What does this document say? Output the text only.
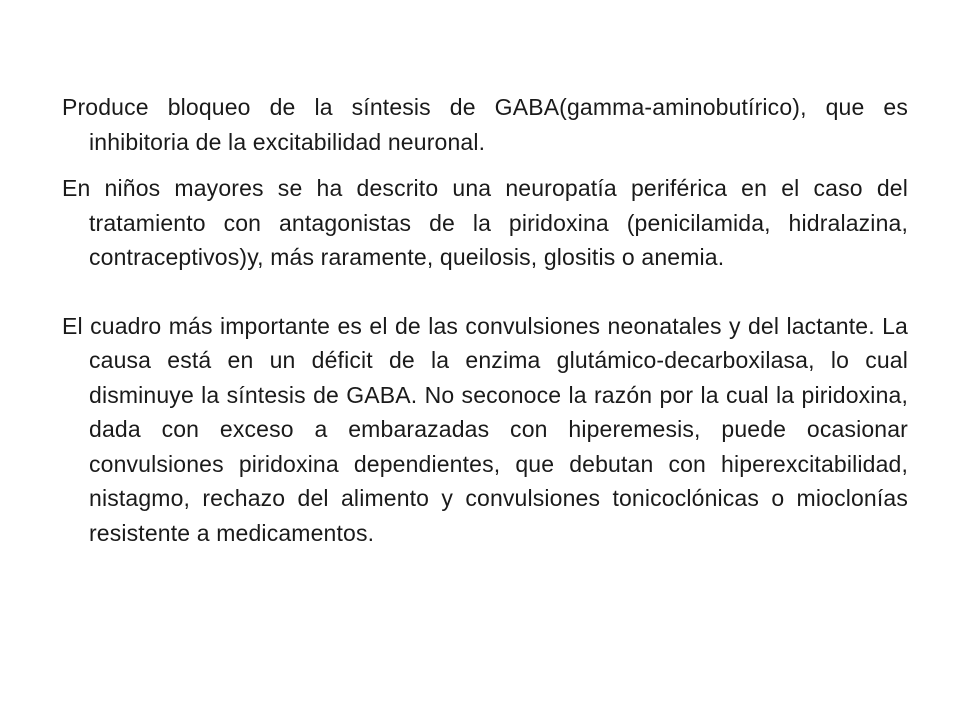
Produce bloqueo de la síntesis de GABA(gamma-aminobutírico), que es inhibitoria de la excitabilidad neuronal.

En niños mayores se ha descrito una neuropatía periférica en el caso del tratamiento con antagonistas de la piridoxina (penicilamida, hidralazina, contraceptivos)y, más raramente, queilosis, glositis o anemia.

El cuadro más importante es el de las convulsiones neonatales y del lactante. La causa está en un déficit de la enzima glutámico-decarboxilasa, lo cual disminuye la síntesis de GABA. No seconoce la razón por la cual la piridoxina, dada con exceso a embarazadas con hiperemesis, puede ocasionar convulsiones piridoxina dependientes, que debutan con hiperexcitabilidad, nistagmo, rechazo del alimento y convulsiones tonicoclónicas o mioclonías resistente a medicamentos.
